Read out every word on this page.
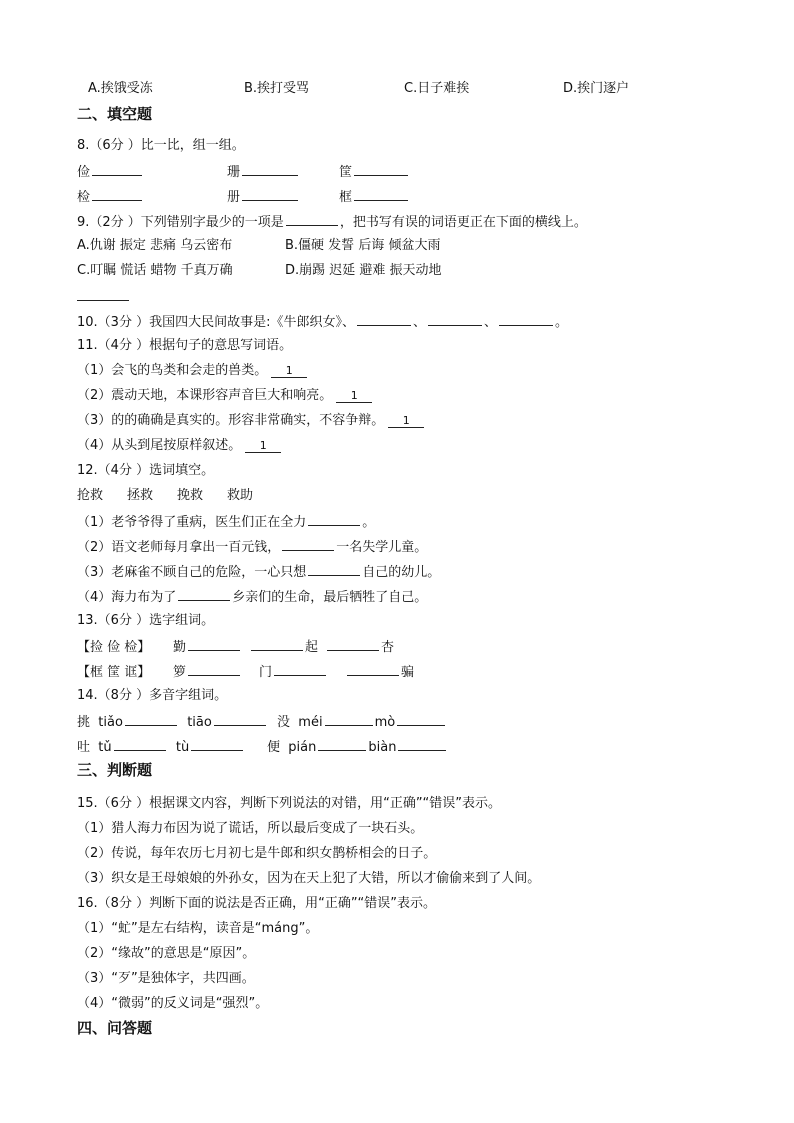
A.挨饿受冻	B.挨打受骂	C.日子难挨	D.挨门逐户
二、填空题
8.（6分 ）比一比，组一组。
俭	珊	筐
检	册	框
9.（2分 ）下列错别字最少的一项是	，把书写有误的词语更正在下面的横线上。
A.仇谢 振定 悲痛 乌云密布	B.僵硬 发誓 后诲 倾盆大雨
C.叮瞩 慌话 蜡物 千真万确	D.崩踢 迟延 避难 振天动地
10.（3分 ）我国四大民间故事是:《牛郎织女》、	、	、	。
11.（4分 ）根据句子的意思写词语。
（1）会飞的鸟类和会走的兽类。 1
（2）震动天地，本课形容声音巨大和响亮。 1
（3）的的确确是真实的。形容非常确实，不容争辩。 1
（4）从头到尾按原样叙述。 1
12.（4分 ）选词填空。
抢救 拯救 挽救 救助
（1）老爷爷得了重病，医生们正在全力	。
（2）语文老师每月拿出一百元钱，	一名失学儿童。
（3）老麻雀不顾自己的危险，一心只想	自己的幼儿。
（4）海力布为了	乡亲们的生命，最后牺牲了自己。
13.（6分 ）选字组词。
【捡 俭 检】 勤	起	杏
【框 筐 诓】 箩	门	骗
14.（8分 ）多音字组词。
挑 tiǎo	tiāo	没 méi	mò
吐 tǔ	tù	便 pián	biàn
三、判断题
15.（6分 ）根据课文内容，判断下列说法的对错，用“正确”“错误”表示。
（1）猎人海力布因为说了谎话，所以最后变成了一块石头。
（2）传说，每年农历七月初七是牛郎和织女鹊桥相会的日子。
（3）织女是王母娘娘的外孙女，因为在天上犯了大错，所以才偷偷来到了人间。
16.（8分 ）判断下面的说法是否正确，用“正确”“错误”表示。
（1）“虻”是左右结构，读音是“máng”。
（2）“缘故”的意思是“原因”。
（3）“歹”是独体字，共四画。
（4）“微弱”的反义词是“强烈”。
四、问答题
